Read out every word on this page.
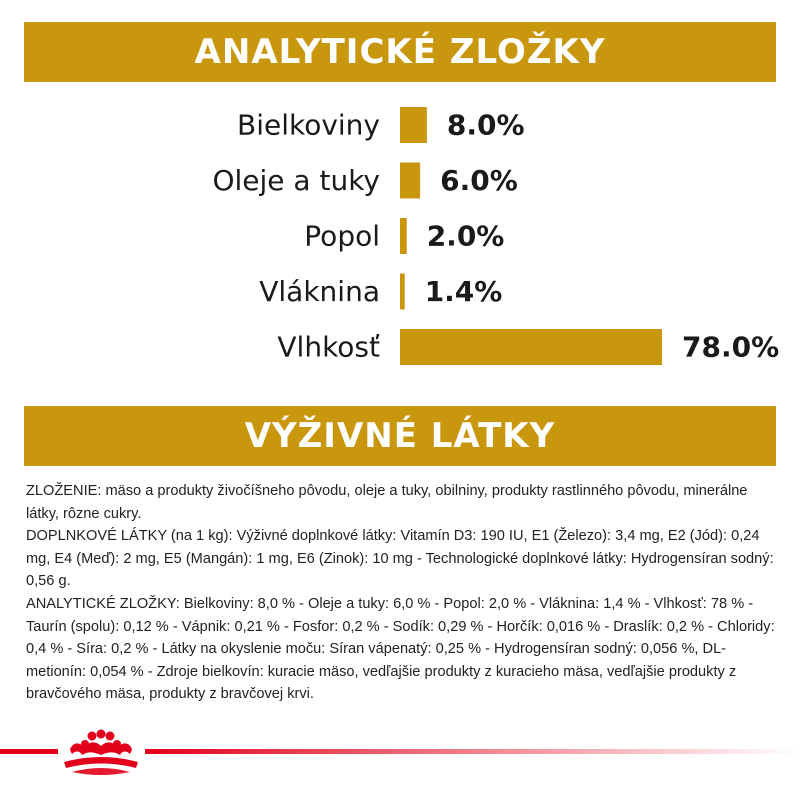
ANALYTICKÉ ZLOŽKY
Bielkoviny 8.0%
Oleje a tuky 6.0%
Popol 2.0%
Vláknina 1.4%
Vlhkosť	78.0%
VÝŽIVNÉ LÁTKY

ZLOŽENIE: mäso a produkty živočíšneho pôvodu, oleje a tuky, obilniny, produkty rastlinného pôvodu, minerálne látky, rôzne cukry.

DOPLNKOVÉ LÁTKY (na 1 kg): Výživné doplnkové látky: Vitamín D3: 190 IU, E1 (Železo): 3,4 mg, E2 (Jód): 0,24 mg, E4 (Meď): 2 mg, E5 (Mangán): 1 mg, E6 (Zinok): 10 mg - Technologické doplnkové látky: Hydrogensíran sodný: 0,56 g.

ANALYTICKÉ ZLOŽKY: Bielkoviny: 8,0 % - Oleje a tuky: 6,0 % - Popol: 2,0 % - Vláknina: 1,4 % - Vlhkosť: 78 % - Taurín (spolu): 0,12 % - Vápnik: 0,21 % - Fosfor: 0,2 % - Sodík: 0,29 % - Horčík: 0,016 % - Draslík: 0,2 % - Chloridy: 0,4 % - Síra: 0,2 % - Látky na okyslenie moču: Síran vápenatý: 0,25 % - Hydrogensíran sodný: 0,056 %, DL-metionín: 0,054 % - Zdroje bielkovín: kuracie mäso, vedľajšie produkty z kuracieho mäsa, vedľajšie produkty z bravčového mäsa, produkty z bravčovej krvi.
